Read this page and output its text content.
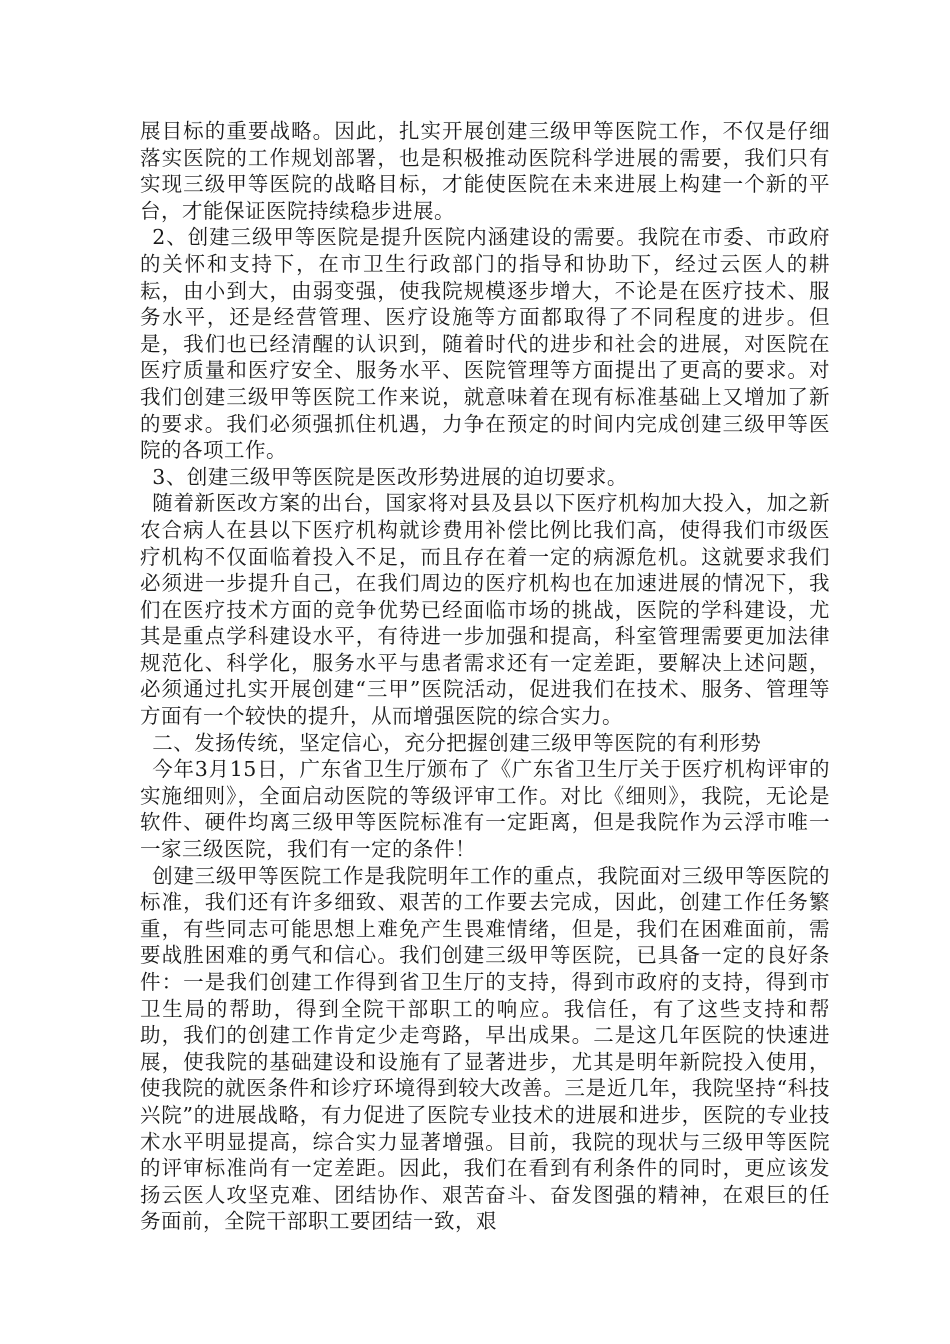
展目标的重要战略。因此，扎实开展创建三级甲等医院工作，不仅是仔细落实医院的工作规划部署，也是积极推动医院科学进展的需要，我们只有实现三级甲等医院的战略目标，才能使医院在未来进展上构建一个新的平台，才能保证医院持续稳步进展。

2、创建三级甲等医院是提升医院内涵建设的需要。我院在市委、市政府的关怀和支持下，在市卫生行政部门的指导和协助下，经过云医人的耕耘，由小到大，由弱变强，使我院规模逐步增大，不论是在医疗技术、服务水平，还是经营管理、医疗设施等方面都取得了不同程度的进步。但是，我们也已经清醒的认识到，随着时代的进步和社会的进展，对医院在医疗质量和医疗安全、服务水平、医院管理等方面提出了更高的要求。对我们创建三级甲等医院工作来说，就意味着在现有标准基础上又增加了新的要求。我们必须强抓住机遇，力争在预定的时间内完成创建三级甲等医院的各项工作。

3、创建三级甲等医院是医改形势进展的迫切要求。

随着新医改方案的出台，国家将对县及县以下医疗机构加大投入，加之新农合病人在县以下医疗机构就诊费用补偿比例比我们高，使得我们市级医疗机构不仅面临着投入不足，而且存在着一定的病源危机。这就要求我们必须进一步提升自己，在我们周边的医疗机构也在加速进展的情况下，我们在医疗技术方面的竞争优势已经面临市场的挑战，医院的学科建设，尤其是重点学科建设水平，有待进一步加强和提高，科室管理需要更加法律规范化、科学化，服务水平与患者需求还有一定差距，要解决上述问题，必须通过扎实开展创建“三甲”医院活动，促进我们在技术、服务、管理等方面有一个较快的提升，从而增强医院的综合实力。

二、发扬传统，坚定信心，充分把握创建三级甲等医院的有利形势

今年3月15日，广东省卫生厅颁布了《广东省卫生厅关于医疗机构评审的实施细则》，全面启动医院的等级评审工作。对比《细则》，我院，无论是软件、硬件均离三级甲等医院标准有一定距离，但是我院作为云浮市唯一一家三级医院，我们有一定的条件！

创建三级甲等医院工作是我院明年工作的重点，我院面对三级甲等医院的标准，我们还有许多细致、艰苦的工作要去完成，因此，创建工作任务繁重，有些同志可能思想上难免产生畏难情绪，但是，我们在困难面前，需要战胜困难的勇气和信心。我们创建三级甲等医院，已具备一定的良好条件：一是我们创建工作得到省卫生厅的支持，得到市政府的支持，得到市卫生局的帮助，得到全院干部职工的响应。我信任，有了这些支持和帮助，我们的创建工作肯定少走弯路，早出成果。二是这几年医院的快速进展，使我院的基础建设和设施有了显著进步，尤其是明年新院投入使用，使我院的就医条件和诊疗环境得到较大改善。三是近几年，我院坚持“科技兴院”的进展战略，有力促进了医院专业技术的进展和进步，医院的专业技术水平明显提高，综合实力显著增强。目前，我院的现状与三级甲等医院的评审标准尚有一定差距。因此，我们在看到有利条件的同时，更应该发扬云医人攻坚克难、团结协作、艰苦奋斗、奋发图强的精神，在艰巨的任务面前，全院干部职工要团结一致，艰
